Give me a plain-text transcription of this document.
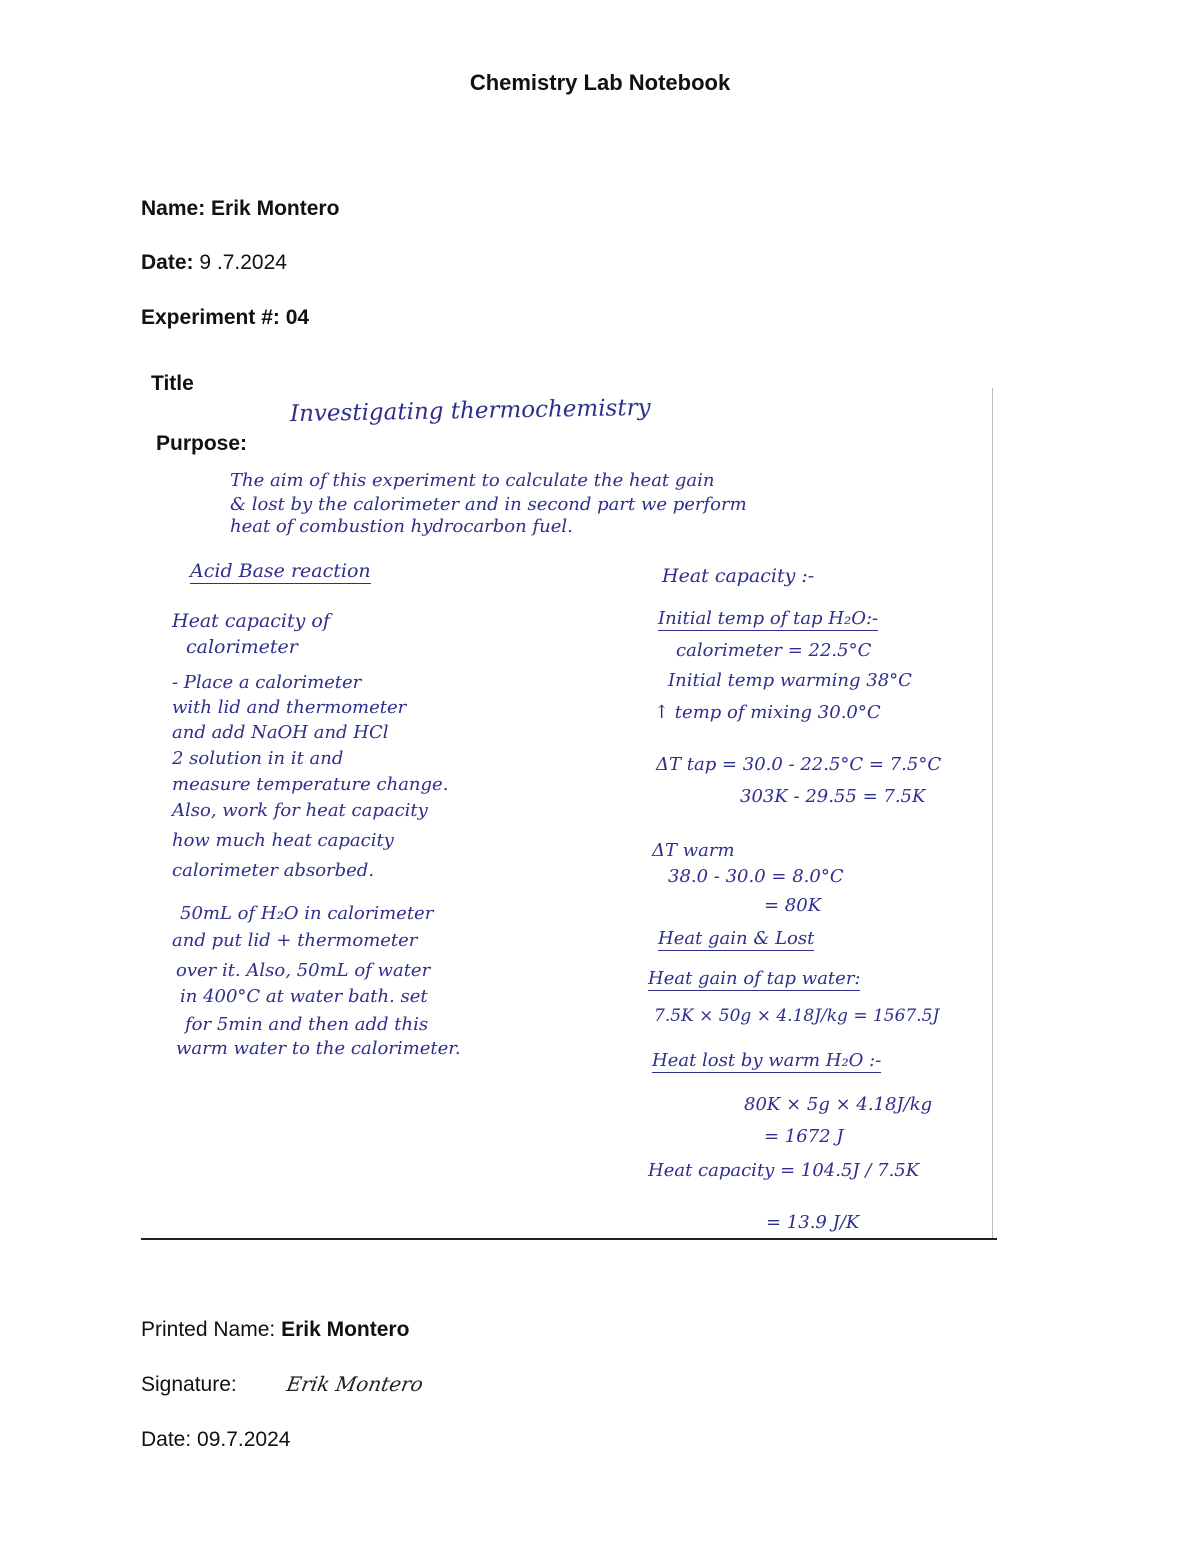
Chemistry Lab Notebook
Name: Erik Montero
Date: 9 .7.2024
Experiment #: 04
Title
Purpose:
Investigating thermochemistry
The aim of this experiment to calculate the heat gain
& lost by the calorimeter and in second part we perform
heat of combustion hydrocarbon fuel.
Acid Base reaction
Heat capacity of
calorimeter
- Place a calorimeter
with lid and thermometer
and add NaOH and HCl
2 solution in it and
measure temperature change.
Also, work for heat capacity
how much heat capacity
calorimeter absorbed.
50mL of H₂O in calorimeter
and put lid + thermometer
over it. Also, 50mL of water
in 400°C at water bath. set
for 5min and then add this
warm water to the calorimeter.
Heat capacity :-
Initial temp of tap H₂O:-
calorimeter = 22.5°C
Initial temp warming 38°C
↑ temp of mixing 30.0°C
ΔT tap = 30.0 - 22.5°C = 7.5°C
303K - 29.55 = 7.5K
ΔT warm
38.0 - 30.0 = 8.0°C
= 80K
Heat gain & Lost
Heat gain of tap water:
7.5K × 50g × 4.18J/kg = 1567.5J
Heat lost by warm H₂O :-
80K × 5g × 4.18J/kg
= 1672 J
Heat capacity = 104.5J / 7.5K
= 13.9 J/K
Printed Name: Erik Montero
Signature: Erik Montero
Date: 09.7.2024
